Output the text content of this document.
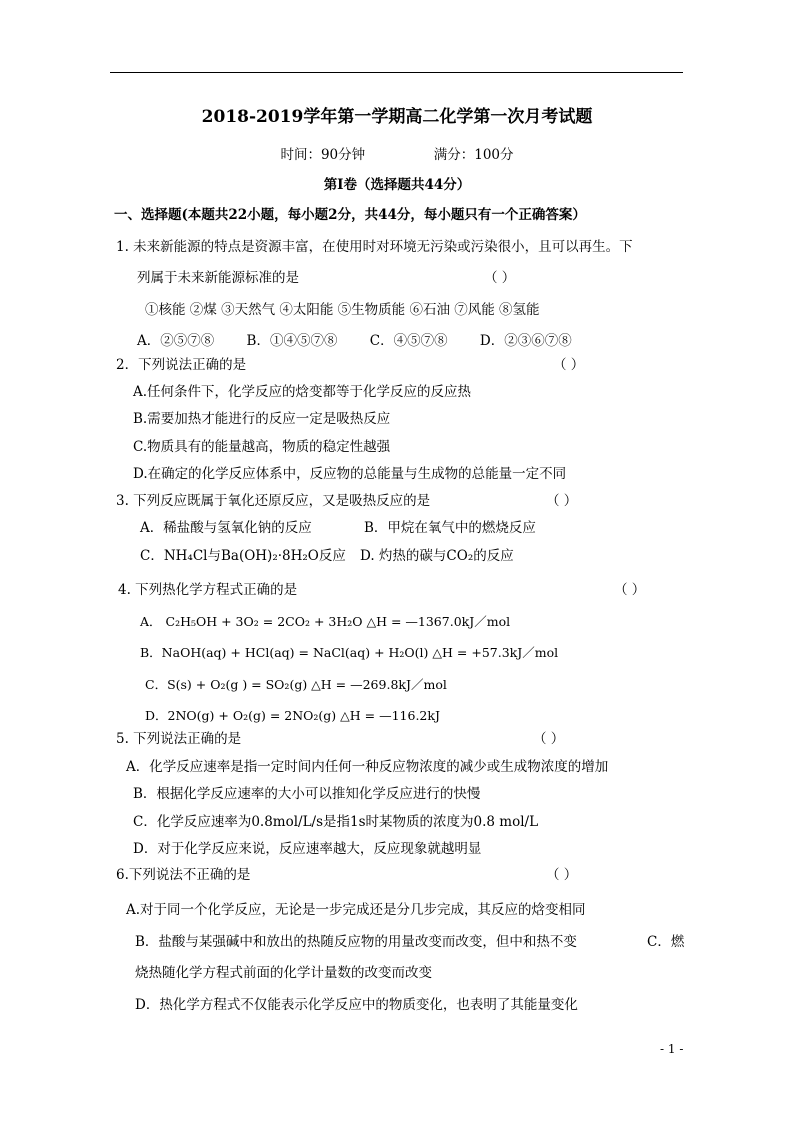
2018-2019学年第一学期高二化学第一次月考试题
时间：90分钟	满分：100分
第Ⅰ卷（选择题共44分）
一、选择题(本题共22小题，每小题2分，共44分，每小题只有一个正确答案）
1. 未来新能源的特点是资源丰富，在使用时对环境无污染或污染很小，且可以再生。下
列属于未来新能源标准的是	（ ）
①核能 ②煤 ③天然气 ④太阳能 ⑤生物质能 ⑥石油 ⑦风能 ⑧氢能
A．②⑤⑦⑧ B．①④⑤⑦⑧ C．④⑤⑦⑧ D．②③⑥⑦⑧
2．下列说法正确的是	（ ）
A.任何条件下，化学反应的焓变都等于化学反应的反应热
B.需要加热才能进行的反应一定是吸热反应
C.物质具有的能量越高，物质的稳定性越强
D.在确定的化学反应体系中，反应物的总能量与生成物的总能量一定不同
3. 下列反应既属于氧化还原反应，又是吸热反应的是	（ ）
A．稀盐酸与氢氧化钠的反应	B．甲烷在氧气中的燃烧反应
C．NH₄Cl与Ba(OH)₂·8H₂O反应 D. 灼热的碳与CO₂的反应
4. 下列热化学方程式正确的是	（ ）
A． C₂H₅OH + 3O₂ = 2CO₂ + 3H₂O △H = —1367.0kJ／mol
B．NaOH(aq) + HCl(aq) = NaCl(aq) + H₂O(l) △H = +57.3kJ／mol
C．S(s) + O₂(g ) = SO₂(g) △H = —269.8kJ／mol
D．2NO(g) + O₂(g) = 2NO₂(g) △H = —116.2kJ
5. 下列说法正确的是	（ ）
A．化学反应速率是指一定时间内任何一种反应物浓度的减少或生成物浓度的增加
B．根据化学反应速率的大小可以推知化学反应进行的快慢
C．化学反应速率为0.8mol/L/s是指1s时某物质的浓度为0.8 mol/L
D．对于化学反应来说，反应速率越大，反应现象就越明显
6.下列说法不正确的是	（ ）
A.对于同一个化学反应，无论是一步完成还是分几步完成，其反应的焓变相同
B．盐酸与某强碱中和放出的热随反应物的用量改变而改变，但中和热不变	C．燃
烧热随化学方程式前面的化学计量数的改变而改变
D．热化学方程式不仅能表示化学反应中的物质变化，也表明了其能量变化
- 1 -
